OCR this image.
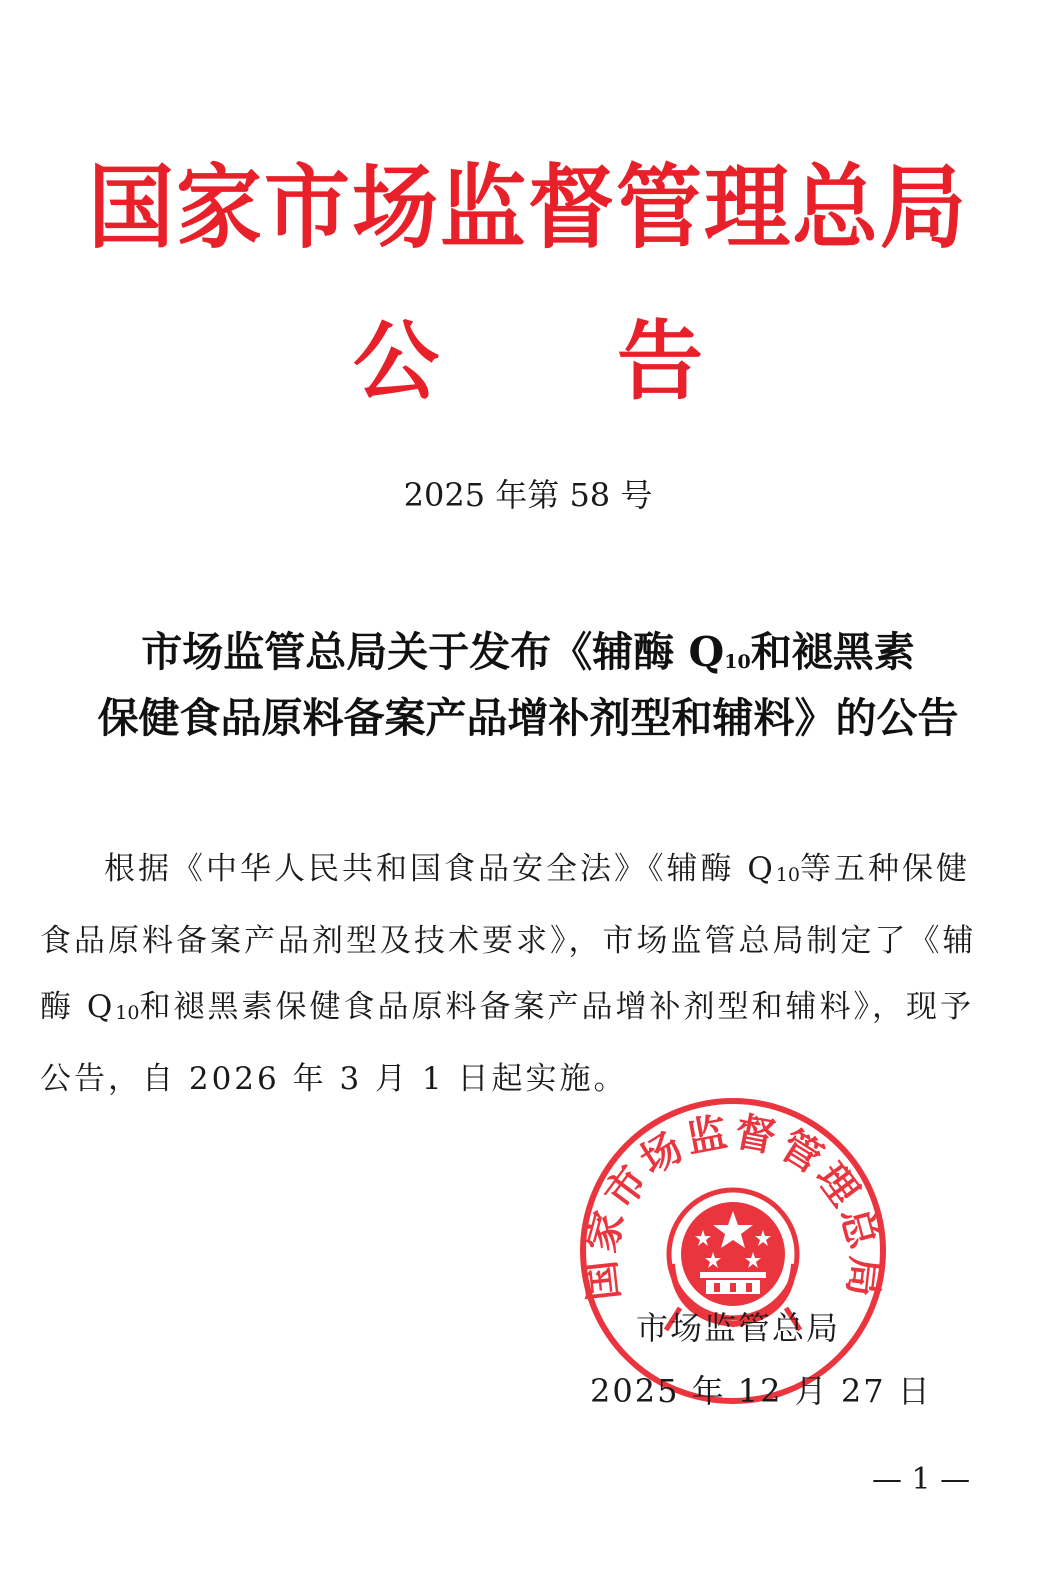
国家市场监督管理总局
公 告
2025 年第 58 号
市场监管总局关于发布《辅酶 $Q_{10}$和褪黑素
保健食品原料备案产品增补剂型和辅料》的公告
根据《中华人民共和国食品安全法》《辅酶 $Q_{10}$等五种保健
食品原料备案产品剂型及技术要求》，市场监管总局制定了《辅
酶 $Q_{10}$和褪黑素保健食品原料备案产品增补剂型和辅料》，现予
公告，自 2026 年 3 月 1 日起实施。
国家市场监督管理总局
市场监管总局
2025 年 12 月 27 日
— 1 —
